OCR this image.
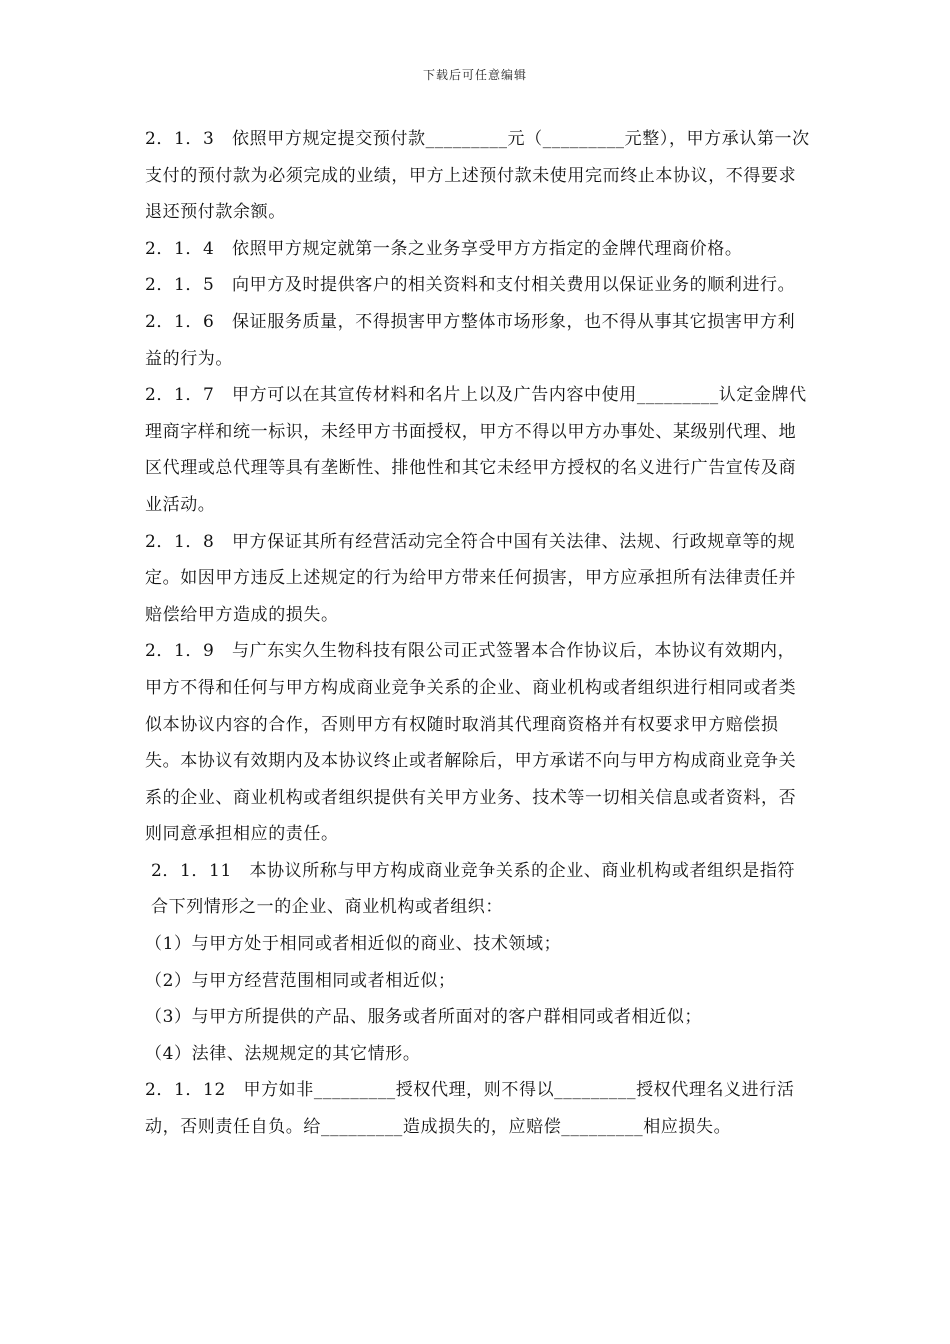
下载后可任意编辑

2．1．3　依照甲方规定提交预付款_________元（_________元整），甲方承认第一次支付的预付款为必须完成的业绩，甲方上述预付款未使用完而终止本协议，不得要求退还预付款余额。

2．1．4　依照甲方规定就第一条之业务享受甲方方指定的金牌代理商价格。

2．1．5　向甲方及时提供客户的相关资料和支付相关费用以保证业务的顺利进行。

2．1．6　保证服务质量，不得损害甲方整体市场形象，也不得从事其它损害甲方利益的行为。

2．1．7　甲方可以在其宣传材料和名片上以及广告内容中使用_________认定金牌代理商字样和统一标识，未经甲方书面授权，甲方不得以甲方办事处、某级别代理、地区代理或总代理等具有垄断性、排他性和其它未经甲方授权的名义进行广告宣传及商业活动。

2．1．8　甲方保证其所有经营活动完全符合中国有关法律、法规、行政规章等的规定。如因甲方违反上述规定的行为给甲方带来任何损害，甲方应承担所有法律责任并赔偿给甲方造成的损失。

2．1．9　与广东实久生物科技有限公司正式签署本合作协议后，本协议有效期内，甲方不得和任何与甲方构成商业竞争关系的企业、商业机构或者组织进行相同或者类似本协议内容的合作，否则甲方有权随时取消其代理商资格并有权要求甲方赔偿损失。本协议有效期内及本协议终止或者解除后，甲方承诺不向与甲方构成商业竞争关系的企业、商业机构或者组织提供有关甲方业务、技术等一切相关信息或者资料，否则同意承担相应的责任。

2．1．11　本协议所称与甲方构成商业竞争关系的企业、商业机构或者组织是指符合下列情形之一的企业、商业机构或者组织：

（1）与甲方处于相同或者相近似的商业、技术领域；

（2）与甲方经营范围相同或者相近似；

（3）与甲方所提供的产品、服务或者所面对的客户群相同或者相近似；

（4）法律、法规规定的其它情形。

2．1．12　甲方如非_________授权代理，则不得以_________授权代理名义进行活动，否则责任自负。给_________造成损失的，应赔偿_________相应损失。
